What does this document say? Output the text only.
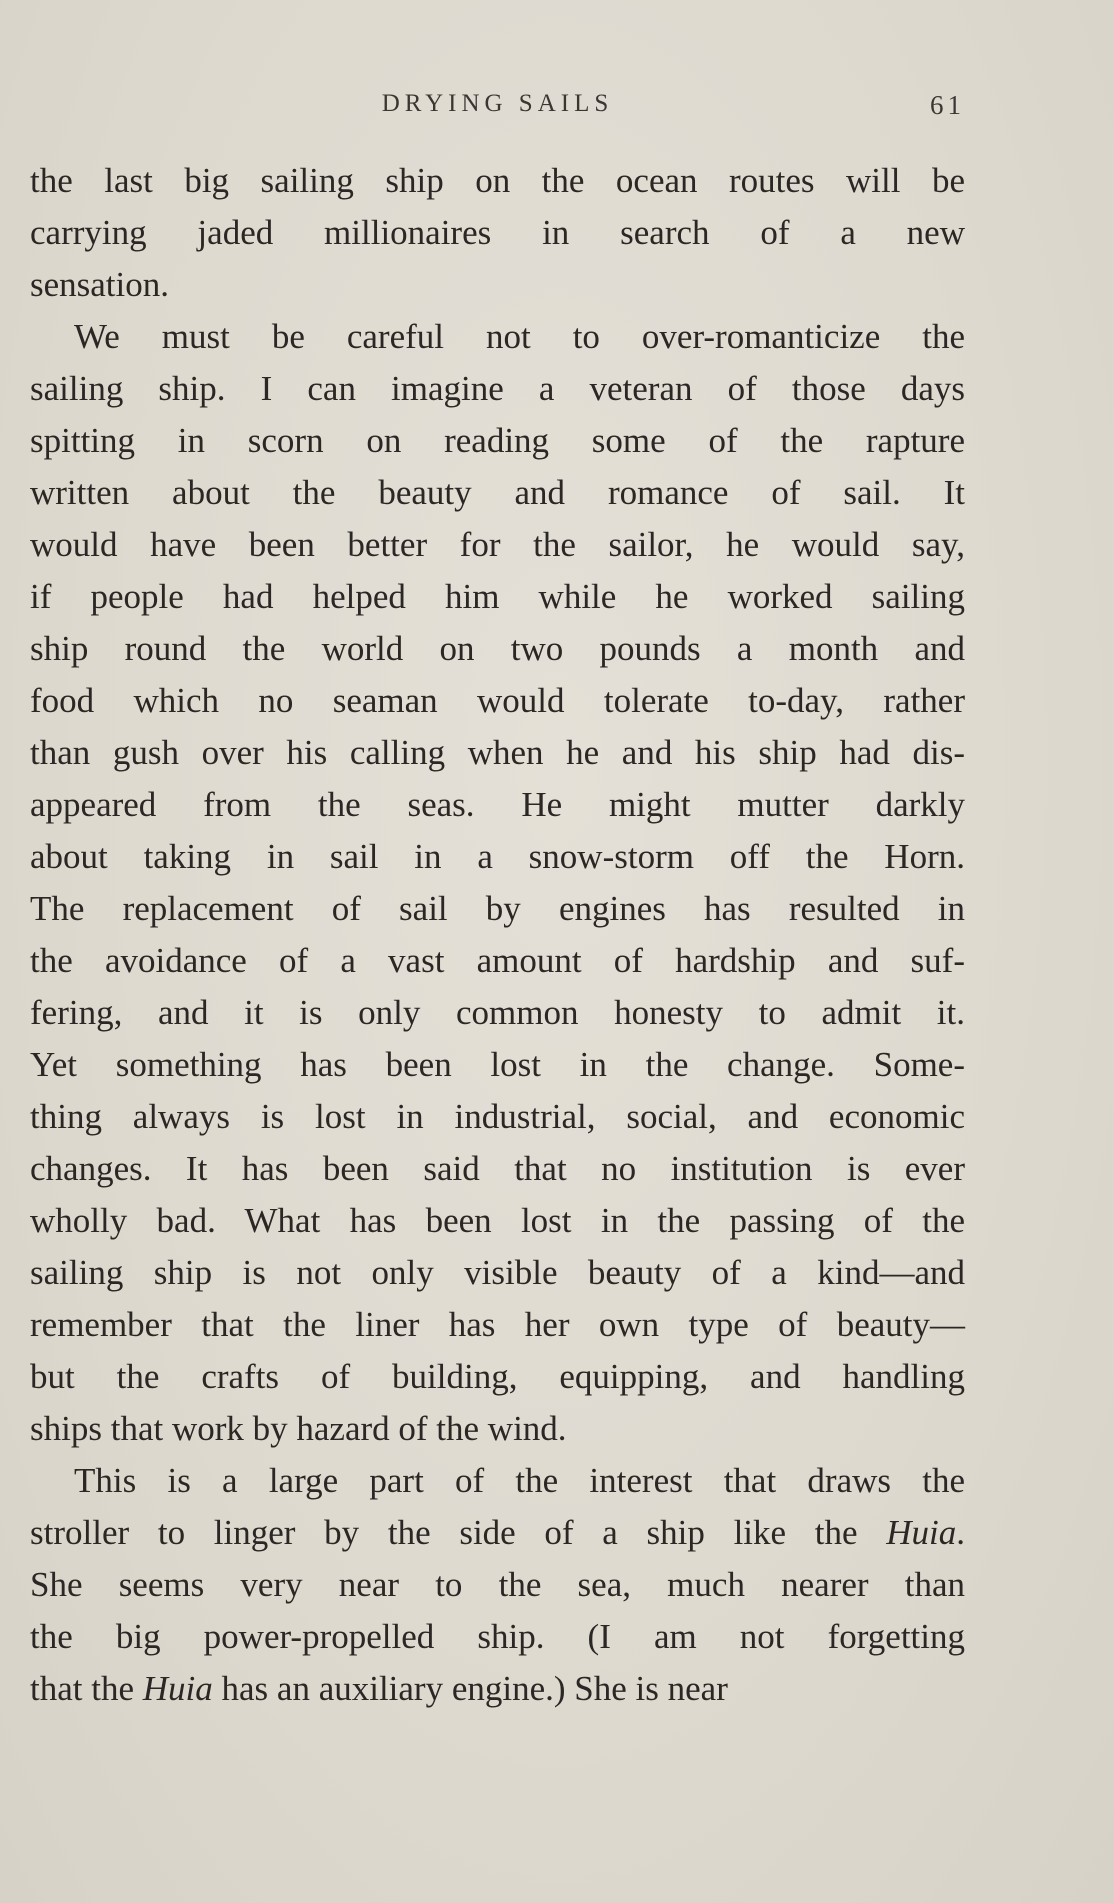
DRYING SAILS	61
the last big sailing ship on the ocean routes will be
carrying jaded millionaires in search of a new
sensation.
We must be careful not to over-romanticize the
sailing ship. I can imagine a veteran of those days
spitting in scorn on reading some of the rapture
written about the beauty and romance of sail. It
would have been better for the sailor, he would say,
if people had helped him while he worked sailing
ship round the world on two pounds a month and
food which no seaman would tolerate to-day, rather
than gush over his calling when he and his ship had dis-
appeared from the seas. He might mutter darkly
about taking in sail in a snow-storm off the Horn.
The replacement of sail by engines has resulted in
the avoidance of a vast amount of hardship and suf-
fering, and it is only common honesty to admit it.
Yet something has been lost in the change. Some-
thing always is lost in industrial, social, and economic
changes. It has been said that no institution is ever
wholly bad. What has been lost in the passing of the
sailing ship is not only visible beauty of a kind—and
remember that the liner has her own type of beauty—
but the crafts of building, equipping, and handling
ships that work by hazard of the wind.
This is a large part of the interest that draws the
stroller to linger by the side of a ship like the Huia.
She seems very near to the sea, much nearer than
the big power-propelled ship. (I am not forgetting
that the Huia has an auxiliary engine.) She is near
